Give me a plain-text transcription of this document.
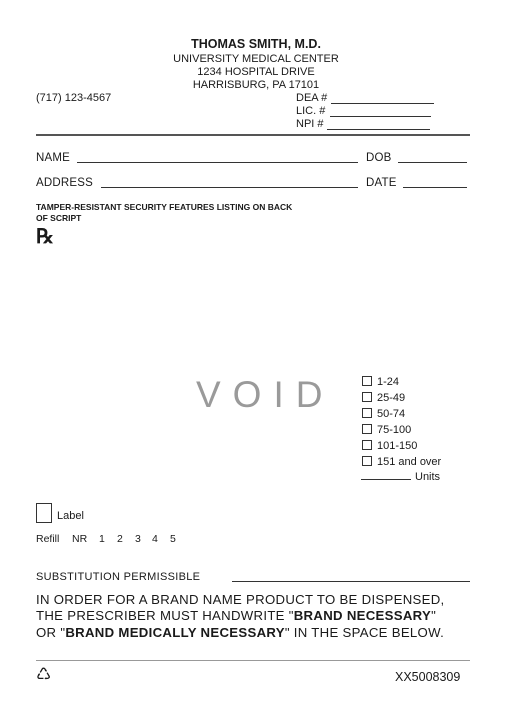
THOMAS SMITH, M.D.
UNIVERSITY MEDICAL CENTER
1234 HOSPITAL DRIVE
HARRISBURG, PA 17101
(717) 123-4567	DEA #
LIC. #
NPI #
NAME	DOB
ADDRESS	DATE
TAMPER-RESISTANT SECURITY FEATURES LISTING ON BACK
OF SCRIPT
℞
VOID	1-24
25-49
50-74
75-100
101-150
151 and over
Units
Label
Refill NR 1 2 3 4 5
SUBSTITUTION PERMISSIBLE
IN ORDER FOR A BRAND NAME PRODUCT TO BE DISPENSED,
THE PRESCRIBER MUST HANDWRITE "BRAND NECESSARY"
OR "BRAND MEDICALLY NECESSARY" IN THE SPACE BELOW.
♺	XX5008309
